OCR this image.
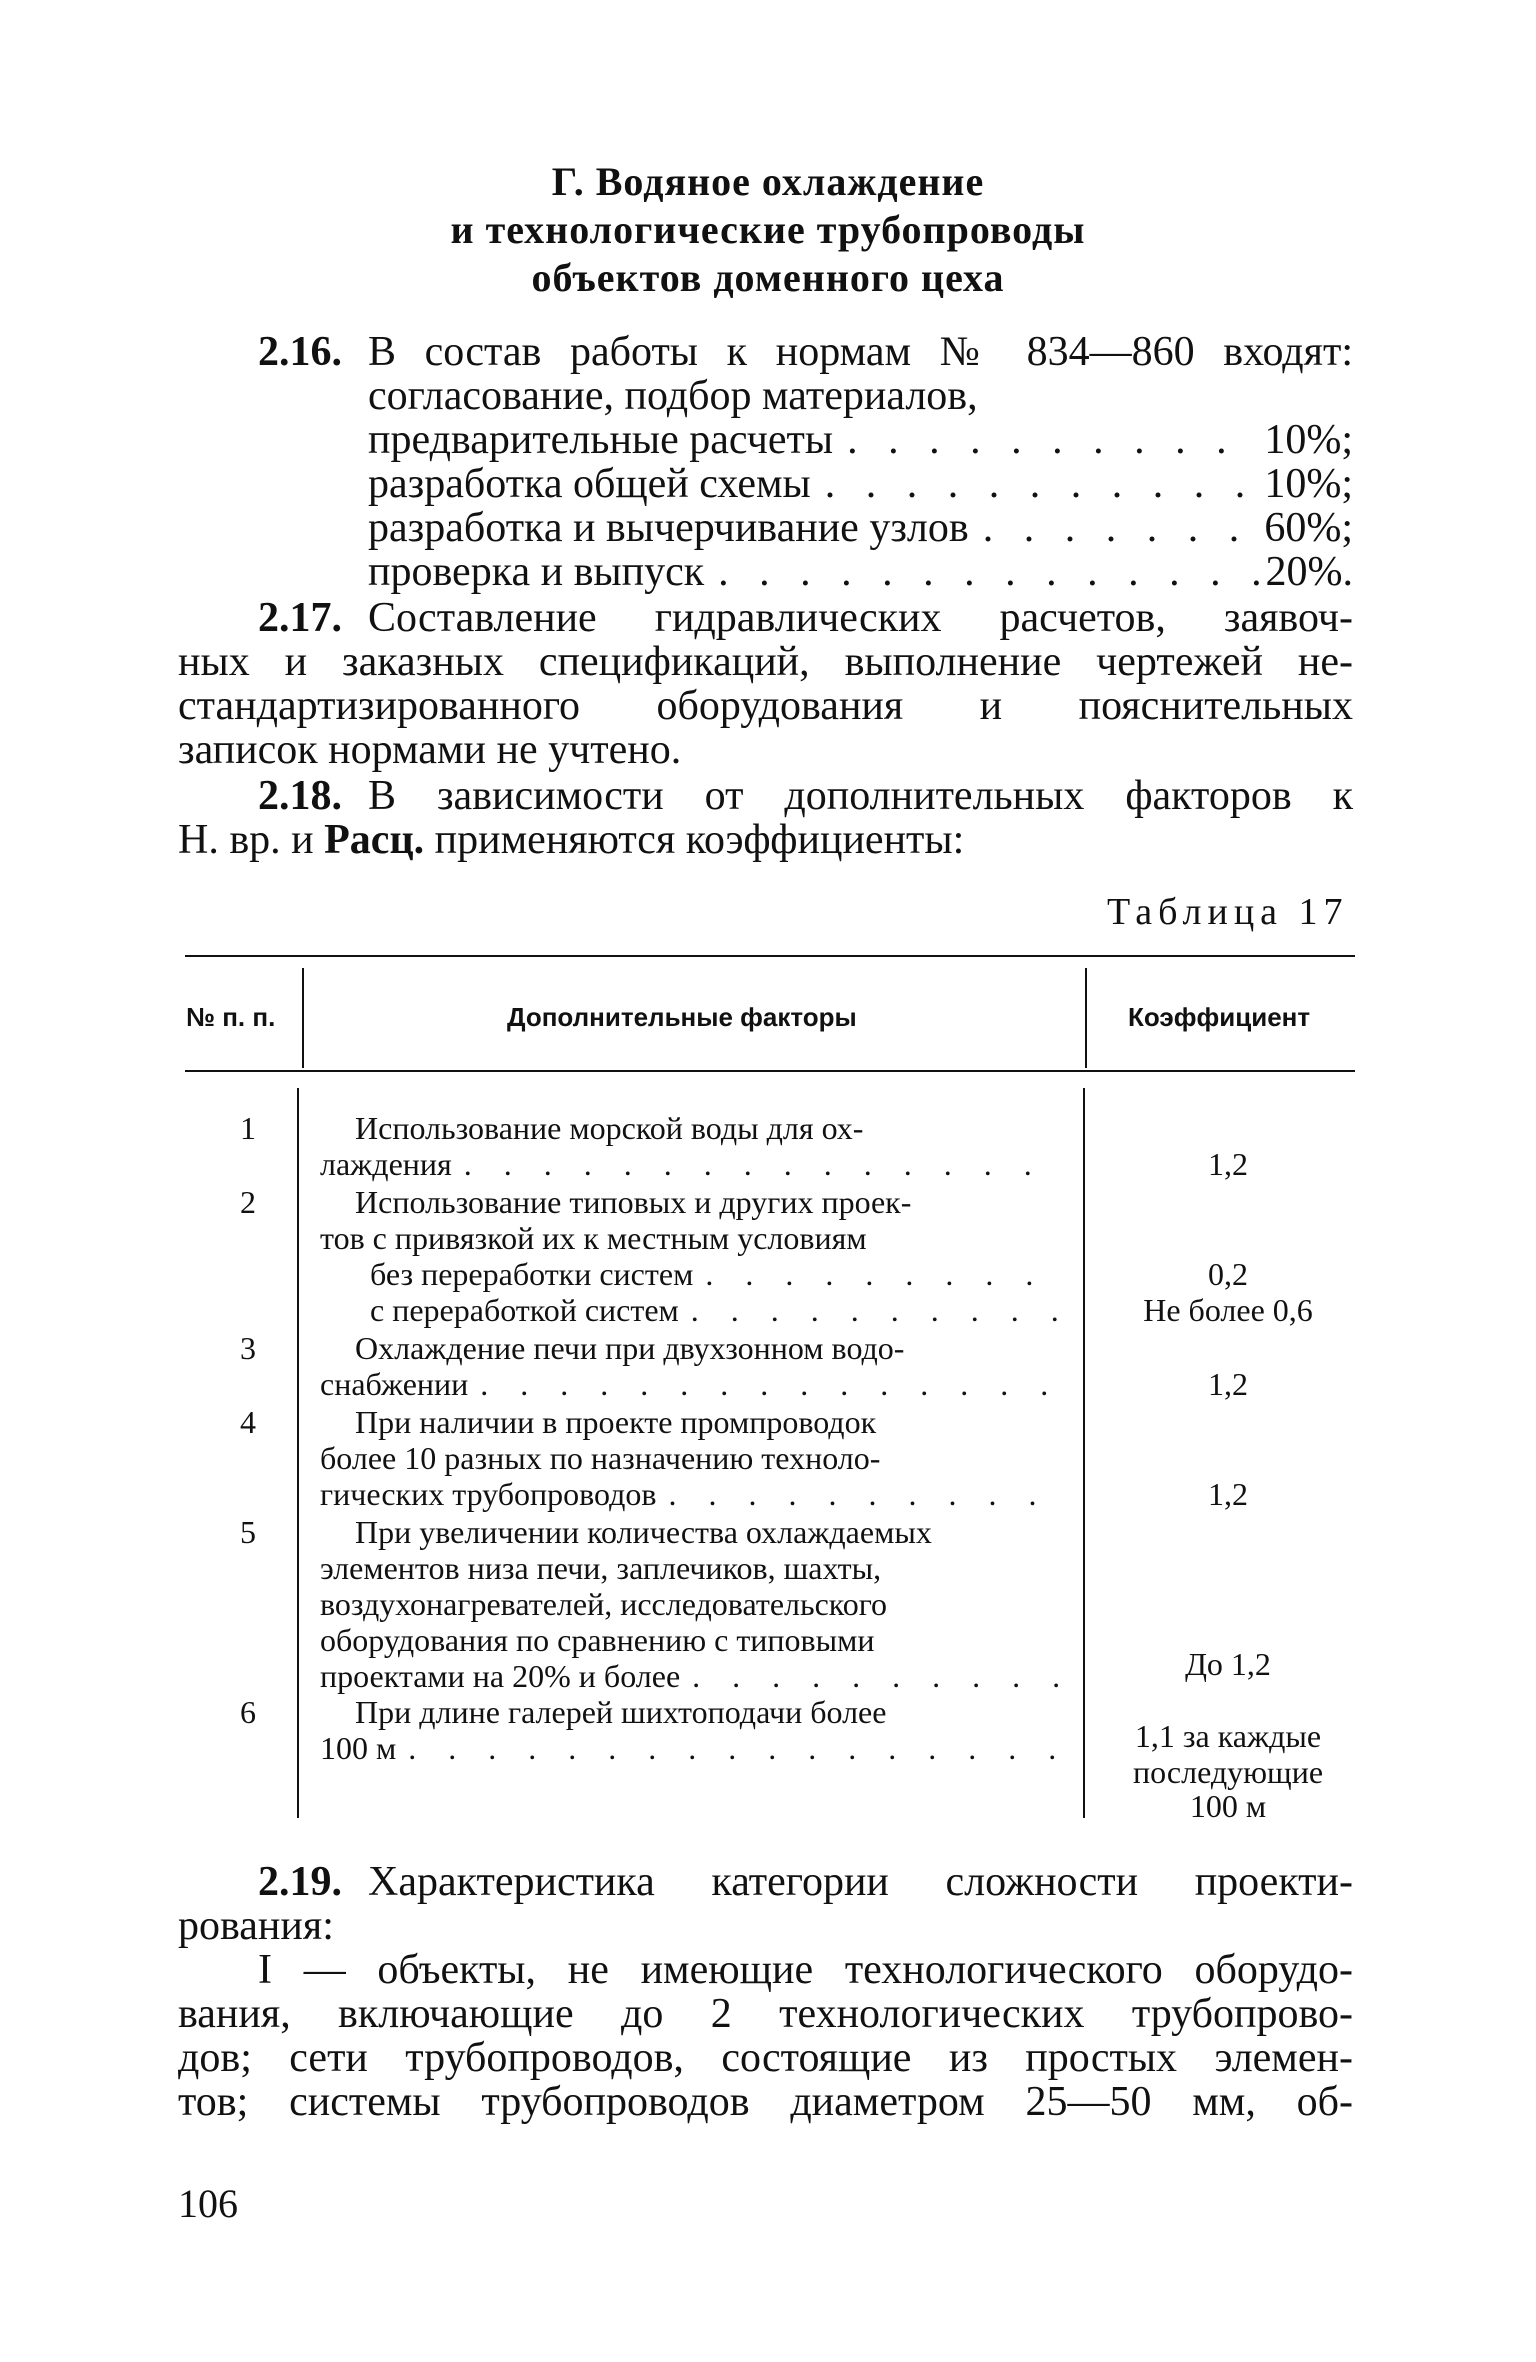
Г. Водяное охлаждение
и технологические трубопроводы
объектов доменного цеха
2.16. В состав работы к нормам № 834—860 входят:
согласование, подбор материалов,
предварительные расчеты . . .	10%;
разработка общей схемы . . .	10%;
разработка и вычерчивание узлов . . .	60%;
проверка и выпуск . . .	20%.
2.17. Составление гидравлических расчетов, заявоч-
ных и заказных спецификаций, выполнение чертежей не-
стандартизированного оборудования и пояснительных
записок нормами не учтено.
2.18. В зависимости от дополнительных факторов к
Н. вр. и Расц. применяются коэффициенты:
Таблица 17
№ п. п.	Дополнительные факторы	Коэффициент
1	Использование морской воды для ох-
лаждения . . .	1,2
2	Использование типовых и других проек-
тов с привязкой их к местным условиям
без переработки систем . . .	0,2
с переработкой систем . . .	Не более 0,6
3	Охлаждение печи при двухзонном водо-
снабжении . . .	1,2
4	При наличии в проекте промпроводок
более 10 разных по назначению техноло-
гических трубопроводов . . .	1,2
5	При увеличении количества охлаждаемых
элементов низа печи, заплечиков, шахты,
воздухонагревателей, исследовательского
оборудования по сравнению с типовыми
проектами на 20% и более . . .	До 1,2
6	При длине галерей шихтоподачи более
100 м . . .	1,1 за каждые
последующие
100 м
2.19. Характеристика категории сложности проекти-
рования:
I — объекты, не имеющие технологического оборудо-
вания, включающие до 2 технологических трубопрово-
дов; сети трубопроводов, состоящие из простых элемен-
тов; системы трубопроводов диаметром 25—50 мм, об-
106
